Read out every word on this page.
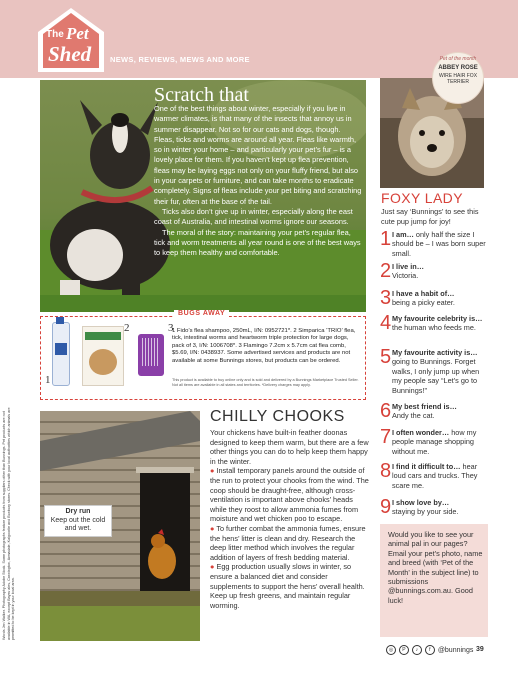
The Pet
Shed	NEWS, REVIEWS, MEWS AND MORE
Scratch that

One of the best things about winter, especially if you live in warmer climates, is that many of the insects that annoy us in summer disappear. Not so for our cats and dogs, though. Fleas, ticks and worms are around all year. Fleas like warmth, so in winter your home – and particularly your pet’s fur – is a lovely place for them. If you haven’t kept up flea prevention, fleas may be laying eggs not only on your fluffy friend, but also in your carpets or furniture, and can take months to eradicate completely. Signs of fleas include your pet biting and scratching their fur, often at the base of the tail.

Ticks also don’t give up in winter, especially along the east coast of Australia, and intestinal worms ignore our seasons.

The moral of the story: maintaining your pet’s regular flea, tick and worm treatments all year round is one of the best ways to keep them healthy and comfortable.

BUGS AWAY
1
2	3
1 Fido’s flea shampoo, 250mL, I/N: 0952721*. 2 Simparica ‘TRIO’ flea, tick, intestinal worms and heartworm triple protection for large dogs, pack of 3, I/N: 1006708*. 3 Flamingo 7.2cm x 5.7cm cat flea comb, $5.69, I/N: 0438937. Some advertised services and products are not available at some Bunnings stores, but products can be ordered.
This product is available to buy online only and is sold and delivered by a Bunnings Marketplace Trusted Seller. Not all items are available in all states and territories. *Delivery charges may apply.
Pet of the month
ABBEY ROSE
WIRE HAIR FOX TERRIER
FOXY LADY
Just say ‘Bunnings’ to see this cute pup jump for joy!
1 I am… only half the size I should be – I was born super small.
2 I live in…
Victoria.
3 I have a habit of…
being a picky eater.
4 My favourite celebrity is… the human who feeds me.
5 My favourite activity is… going to Bunnings. Forget walks, I only jump up when my people say “Let’s go to Bunnings!”
6 My best friend is…
Andy the cat.
7 I often wonder… how my people manage shopping without me.
8 I find it difficult to… hear loud cars and trucks. They scare me.
9 I show love by…
staying by your side.
Would you like to see your animal pal in our pages? Email your pet’s photo, name and breed (with ‘Pet of the Month’ in the subject line) to submissions @bunnings.com.au. Good luck!
Dry run
Keep out the cold and wet.
CHILLY CHOOKS

Your chickens have built-in feather doonas designed to keep them warm, but there are a few other things you can do to help keep them happy in the winter.

● Install temporary panels around the outside of the run to protect your chooks from the wind. The coop should be draught-free, although cross-ventilation is important above chooks’ heads while they roost to allow ammonia fumes from moisture and wet chicken poo to escape.

● To further combat the ammonia fumes, ensure the hens’ litter is clean and dry. Research the deep litter method which involves the regular addition of layers of fresh bedding material.

● Egg production usually slows in winter, so ensure a balanced diet and consider supplements to support the hens’ overall health. Keep up fresh greens, and maintain regular worming.

Words Jen Walker. Photography Adobe Stock. Some photographs feature products from suppliers other than Bunnings. Pet products are not available in WA, except Baysv ales, Cannington, Armadale, Kalgoorlie and Bunbury stores. Check with your local authorities which animals are permitted to be kept in your local area.
◎ P ♪ f @bunnings 39
